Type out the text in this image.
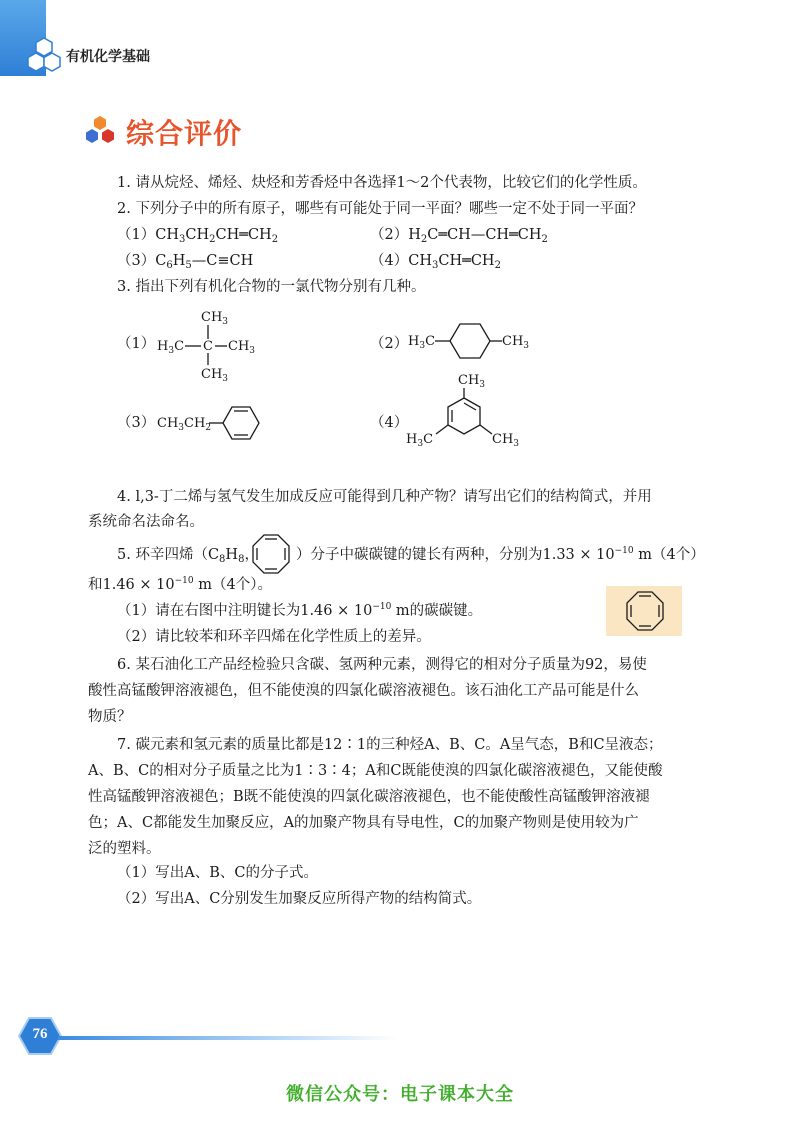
有机化学基础
综合评价
1. 请从烷烃、烯烃、炔烃和芳香烃中各选择1～2个代表物，比较它们的化学性质。
2. 下列分子中的所有原子，哪些有可能处于同一平面？哪些一定不处于同一平面？
$(1)CH_3CH_2CH═CH_2$	$(2)H_2C═CH—CH═CH_2$
$(3)C_6H_5—C\equiv CH$	$(4)CH_3CH═CH_2$
3. 指出下列有机化合物的一氯代物分别有几种。
（1）
$CH_3$
$H_3C$ C $CH_3$
$CH_3$
（2） $H_3C$	$CH_3$
（3） $CH_3CH_2$	（4）
$CH_3$
$H_3C$	$CH_3$
4. l,3-丁二烯与氢气发生加成反应可能得到几种产物？请写出它们的结构简式，并用
系统命名法命名。
5. 环辛四烯（$C_8H_8$，	）分子中碳碳键的键长有两种，分别为$1.33 \times 10^{-10}$ m（4个）
和$1.46 \times 10^{-10}$ m（4个）。
（1）请在右图中注明键长为$1.46 \times 10^{-10}$ m的碳碳键。
（2）请比较苯和环辛四烯在化学性质上的差异。
6. 某石油化工产品经检验只含碳、氢两种元素，测得它的相对分子质量为92，易使
酸性高锰酸钾溶液褪色，但不能使溴的四氯化碳溶液褪色。该石油化工产品可能是什么
物质？
7. 碳元素和氢元素的质量比都是12∶1的三种烃A、B、C。A呈气态，B和C呈液态；
A、B、C的相对分子质量之比为1∶3∶4；A和C既能使溴的四氯化碳溶液褪色，又能使酸
性高锰酸钾溶液褪色；B既不能使溴的四氯化碳溶液褪色，也不能使酸性高锰酸钾溶液褪
色；A、C都能发生加聚反应，A的加聚产物具有导电性，C的加聚产物则是使用较为广
泛的塑料。
（1）写出A、B、C的分子式。
（2）写出A、C分别发生加聚反应所得产物的结构简式。
76
微信公众号：电子课本大全
